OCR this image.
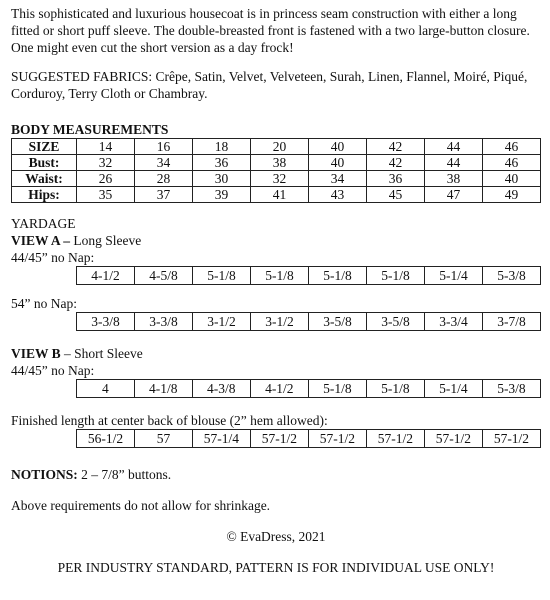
This sophisticated and luxurious housecoat is in princess seam construction with either a long fitted or short puff sleeve. The double-breasted front is fastened with a two large-button closure. One might even cut the short version as a day frock!

SUGGESTED FABRICS: Crêpe, Satin, Velvet, Velveteen, Surah, Linen, Flannel, Moiré, Piqué, Corduroy, Terry Cloth or Chambray.

BODY MEASUREMENTS

SIZE	14	16	18	20	40	42	44	46
Bust:	32	34	36	38	40	42	44	46
Waist:	26	28	30	32	34	36	38	40
Hips:	35	37	39	41	43	45	47	49

YARDAGE

VIEW A – Long Sleeve

44/45” no Nap:

4-1/2	4-5/8	5-1/8	5-1/8	5-1/8	5-1/8	5-1/4	5-3/8

54” no Nap:

3-3/8	3-3/8	3-1/2	3-1/2	3-5/8	3-5/8	3-3/4	3-7/8

VIEW B – Short Sleeve

44/45” no Nap:

4	4-1/8	4-3/8	4-1/2	5-1/8	5-1/8	5-1/4	5-3/8

Finished length at center back of blouse (2” hem allowed):

56-1/2	57	57-1/4	57-1/2	57-1/2	57-1/2	57-1/2	57-1/2

NOTIONS: 2 – 7/8” buttons.

Above requirements do not allow for shrinkage.

© EvaDress, 2021

PER INDUSTRY STANDARD, PATTERN IS FOR INDIVIDUAL USE ONLY!
